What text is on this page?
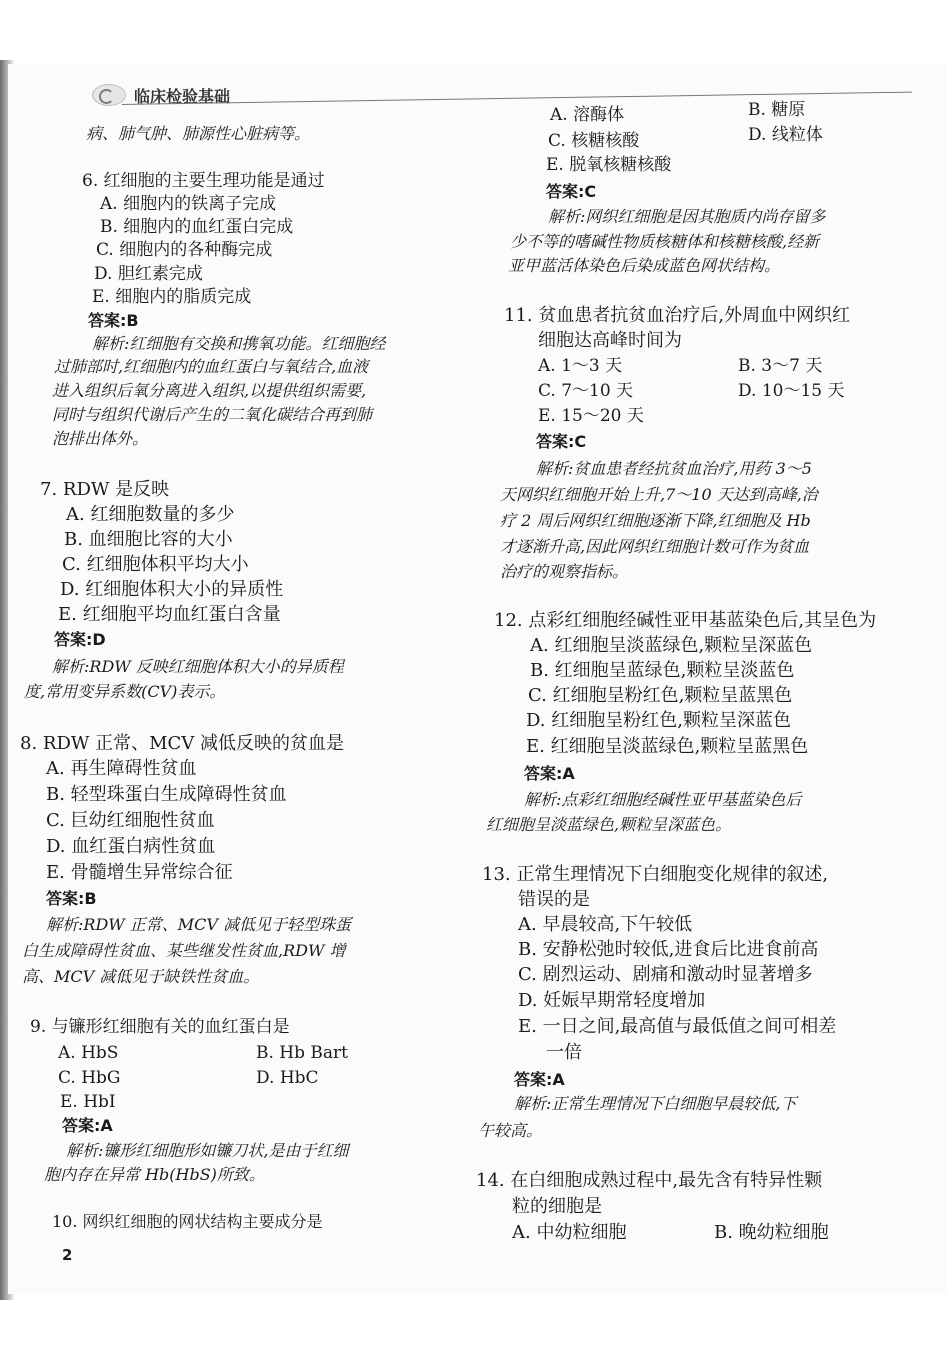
临床检验基础
病、肺气肿、肺源性心脏病等。
6. 红细胞的主要生理功能是通过
A. 细胞内的铁离子完成
B. 细胞内的血红蛋白完成
C. 细胞内的各种酶完成
D. 胆红素完成
E. 细胞内的脂质完成
答案:B
解析:红细胞有交换和携氧功能。红细胞经
过肺部时,红细胞内的血红蛋白与氧结合,血液
进入组织后氧分离进入组织,以提供组织需要,
同时与组织代谢后产生的二氧化碳结合再到肺
泡排出体外。
7. RDW 是反映
A. 红细胞数量的多少
B. 血细胞比容的大小
C. 红细胞体积平均大小
D. 红细胞体积大小的异质性
E. 红细胞平均血红蛋白含量
答案:D
解析:RDW 反映红细胞体积大小的异质程
度,常用变异系数(CV)表示。
8. RDW 正常、MCV 减低反映的贫血是
A. 再生障碍性贫血
B. 轻型珠蛋白生成障碍性贫血
C. 巨幼红细胞性贫血
D. 血红蛋白病性贫血
E. 骨髓增生异常综合征
答案:B
解析:RDW 正常、MCV 减低见于轻型珠蛋
白生成障碍性贫血、某些继发性贫血,RDW 增
高、MCV 减低见于缺铁性贫血。
9. 与镰形红细胞有关的血红蛋白是
A. HbS	B. Hb Bart
C. HbG	D. HbC
E. HbI
答案:A
解析:镰形红细胞形如镰刀状,是由于红细
胞内存在异常 Hb(HbS)所致。
10. 网织红细胞的网状结构主要成分是
A. 溶酶体	B. 糖原
C. 核糖核酸	D. 线粒体
E. 脱氧核糖核酸
答案:C
解析:网织红细胞是因其胞质内尚存留多
少不等的嗜碱性物质核糖体和核糖核酸,经新
亚甲蓝活体染色后染成蓝色网状结构。
11. 贫血患者抗贫血治疗后,外周血中网织红
细胞达高峰时间为
A. 1～3 天	B. 3～7 天
C. 7～10 天	D. 10～15 天
E. 15～20 天
答案:C
解析:贫血患者经抗贫血治疗,用药 3～5
天网织红细胞开始上升,7～10 天达到高峰,治
疗 2 周后网织红细胞逐渐下降,红细胞及 Hb
才逐渐升高,因此网织红细胞计数可作为贫血
治疗的观察指标。
12. 点彩红细胞经碱性亚甲基蓝染色后,其呈色为
A. 红细胞呈淡蓝绿色,颗粒呈深蓝色
B. 红细胞呈蓝绿色,颗粒呈淡蓝色
C. 红细胞呈粉红色,颗粒呈蓝黑色
D. 红细胞呈粉红色,颗粒呈深蓝色
E. 红细胞呈淡蓝绿色,颗粒呈蓝黑色
答案:A
解析:点彩红细胞经碱性亚甲基蓝染色后
红细胞呈淡蓝绿色,颗粒呈深蓝色。
13. 正常生理情况下白细胞变化规律的叙述,
错误的是
A. 早晨较高,下午较低
B. 安静松弛时较低,进食后比进食前高
C. 剧烈运动、剧痛和激动时显著增多
D. 妊娠早期常轻度增加
E. 一日之间,最高值与最低值之间可相差
一倍
答案:A
解析:正常生理情况下白细胞早晨较低,下
午较高。
14. 在白细胞成熟过程中,最先含有特异性颗
粒的细胞是
A. 中幼粒细胞	B. 晚幼粒细胞
2
